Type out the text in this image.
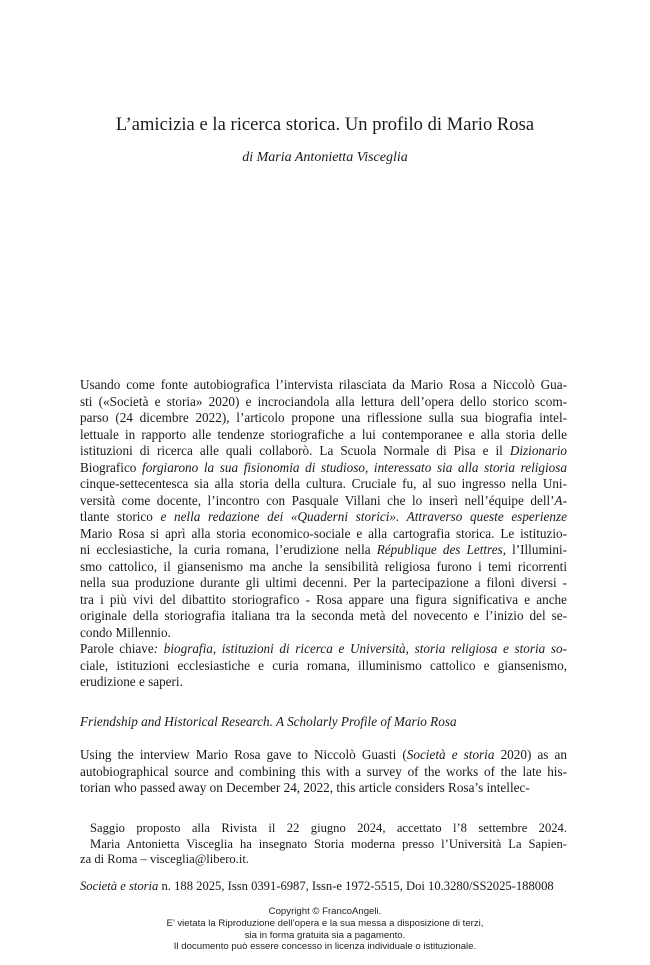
L’amicizia e la ricerca storica. Un profilo di Mario Rosa
di Maria Antonietta Visceglia
Usando come fonte autobiografica l’intervista rilasciata da Mario Rosa a Niccolò Gua-
sti («Società e storia» 2020) e incrociandola alla lettura dell’opera dello storico scom-
parso (24 dicembre 2022), l’articolo propone una riflessione sulla sua biografia intel-
lettuale in rapporto alle tendenze storiografiche a lui contemporanee e alla storia delle
istituzioni di ricerca alle quali collaborò. La Scuola Normale di Pisa e il Dizionario
Biografico forgiarono la sua fisionomia di studioso, interessato sia alla storia religiosa
cinque-settecentesca sia alla storia della cultura. Cruciale fu, al suo ingresso nella Uni-
versità come docente, l’incontro con Pasquale Villani che lo inserì nell’équipe dell’A-
tlante storico e nella redazione dei «Quaderni storici». Attraverso queste esperienze
Mario Rosa si aprì alla storia economico-sociale e alla cartografia storica. Le istituzio-
ni ecclesiastiche, la curia romana, l’erudizione nella République des Lettres, l’Illumini-
smo cattolico, il giansenismo ma anche la sensibilità religiosa furono i temi ricorrenti
nella sua produzione durante gli ultimi decenni. Per la partecipazione a filoni diversi -
tra i più vivi del dibattito storiografico - Rosa appare una figura significativa e anche
originale della storiografia italiana tra la seconda metà del novecento e l’inizio del se-
condo Millennio.
Parole chiave: biografia, istituzioni di ricerca e Università, storia religiosa e storia so-
ciale, istituzioni ecclesiastiche e curia romana, illuminismo cattolico e giansenismo,
erudizione e saperi.
Friendship and Historical Research. A Scholarly Profile of Mario Rosa
Using the interview Mario Rosa gave to Niccolò Guasti (Società e storia 2020) as an
autobiographical source and combining this with a survey of the works of the late his-
torian who passed away on December 24, 2022, this article considers Rosa’s intellec-
Saggio proposto alla Rivista il 22 giugno 2024, accettato l’8 settembre 2024.
Maria Antonietta Visceglia ha insegnato Storia moderna presso l’Università La Sapien-
za di Roma – visceglia@libero.it.
Società e storia n. 188 2025, Issn 0391-6987, Issn-e 1972-5515, Doi 10.3280/SS2025-188008
Copyright © FrancoAngeli.
E’ vietata la Riproduzione dell’opera e la sua messa a disposizione di terzi,
sia in forma gratuita sia a pagamento.
Il documento può essere concesso in licenza individuale o istituzionale.
